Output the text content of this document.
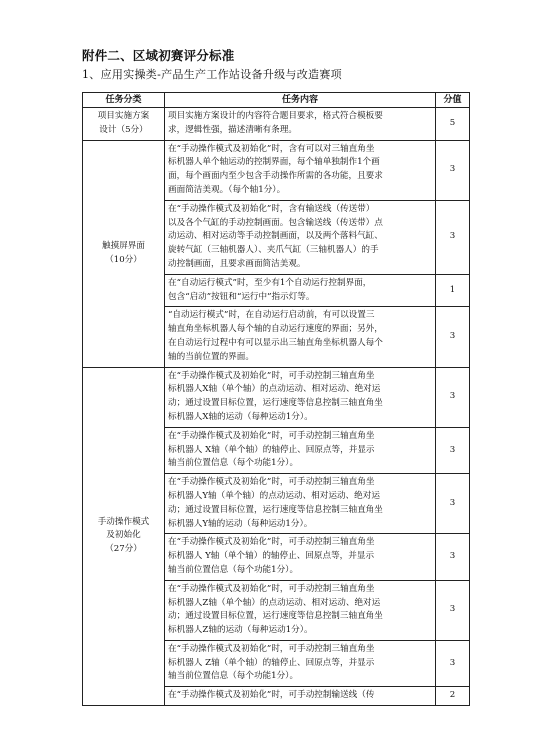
附件二、区域初赛评分标准
1、应用实操类-产品生产工作站设备升级与改造赛项
任务分类	任务内容	分值

项目实施方案
设计（5分）	项目实施方案设计的内容符合题目要求，格式符合模板要
求，逻辑性强，描述清晰有条理。	5

触摸屏界面
（10分）	在“手动操作模式及初始化”时，含有可以对三轴直角坐
标机器人单个轴运动的控制界面，每个轴单独制作1个画
面，每个画面内至少包含手动操作所需的各功能，且要求
画面简洁美观。（每个轴1分）。	3

	在“手动操作模式及初始化”时，含有输送线（传送带）
以及各个气缸的手动控制画面。包含输送线（传送带）点
动运动、相对运动等手动控制画面，以及两个落料气缸、
旋转气缸（三轴机器人）、夹爪气缸（三轴机器人）的手
动控制画面，且要求画面简洁美观。	3

	在“自动运行模式”时，至少有1个自动运行控制界面，
包含“启动”按钮和“运行中”指示灯等。	1

	“自动运行模式”时，在自动运行启动前，有可以设置三
轴直角坐标机器人每个轴的自动运行速度的界面；另外，
在自动运行过程中有可以显示出三轴直角坐标机器人每个
轴的当前位置的界面。	3

手动操作模式
及初始化
（27分）	在“手动操作模式及初始化”时，可手动控制三轴直角坐
标机器人X轴（单个轴）的点动运动、相对运动、绝对运
动；通过设置目标位置，运行速度等信息控制三轴直角坐
标机器人X轴的运动（每种运动1分）。	3

	在“手动操作模式及初始化”时，可手动控制三轴直角坐
标机器人 X轴（单个轴）的轴停止、回原点等，并显示
轴当前位置信息（每个功能1分）。	3

	在“手动操作模式及初始化”时，可手动控制三轴直角坐
标机器人Y轴（单个轴）的点动运动、相对运动、绝对运
动；通过设置目标位置，运行速度等信息控制三轴直角坐
标机器人Y轴的运动（每种运动1分）。	3

	在“手动操作模式及初始化”时，可手动控制三轴直角坐
标机器人 Y轴（单个轴）的轴停止、回原点等，并显示
轴当前位置信息（每个功能1分）。	3

	在“手动操作模式及初始化”时，可手动控制三轴直角坐
标机器人Z轴（单个轴）的点动运动、相对运动、绝对运
动；通过设置目标位置，运行速度等信息控制三轴直角坐
标机器人Z轴的运动（每种运动1分）。	3

	在“手动操作模式及初始化”时，可手动控制三轴直角坐
标机器人 Z轴（单个轴）的轴停止、回原点等，并显示
轴当前位置信息（每个功能1分）。	3

	在“手动操作模式及初始化”时，可手动控制输送线（传	2
